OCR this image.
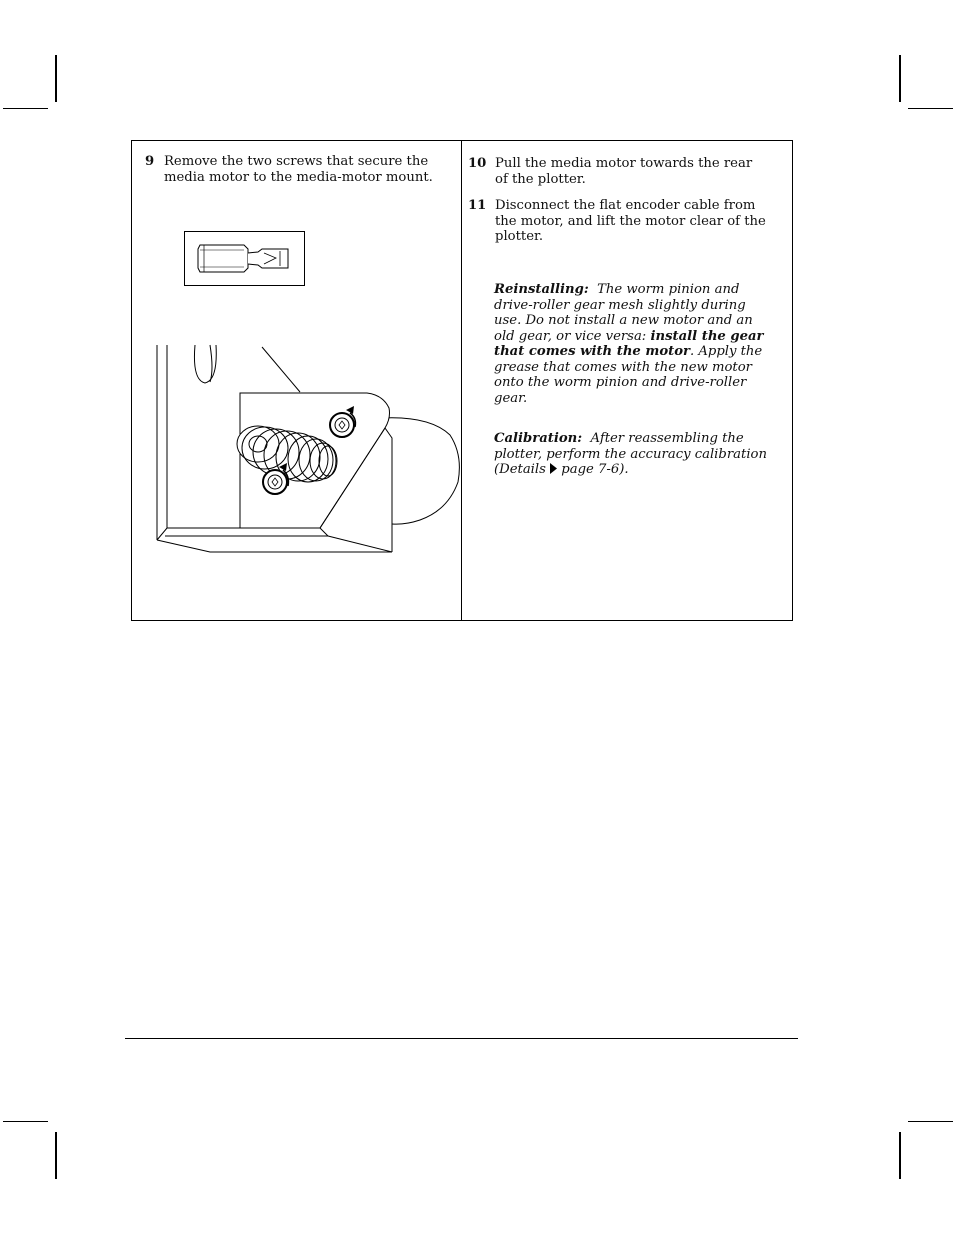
9 Remove the two screws that secure the media motor to the media-motor mount.
10 Pull the media motor towards the rear of the plotter.
11 Disconnect the flat encoder cable from the motor, and lift the motor clear of the plotter.
Reinstalling: The worm pinion and drive-roller gear mesh slightly during use. Do not install a new motor and an old gear, or vice versa: install the gear that comes with the motor. Apply the grease that comes with the new motor onto the worm pinion and drive-roller gear.
Calibration: After reassembling the plotter, perform the accuracy calibration (Details page 7-6).
